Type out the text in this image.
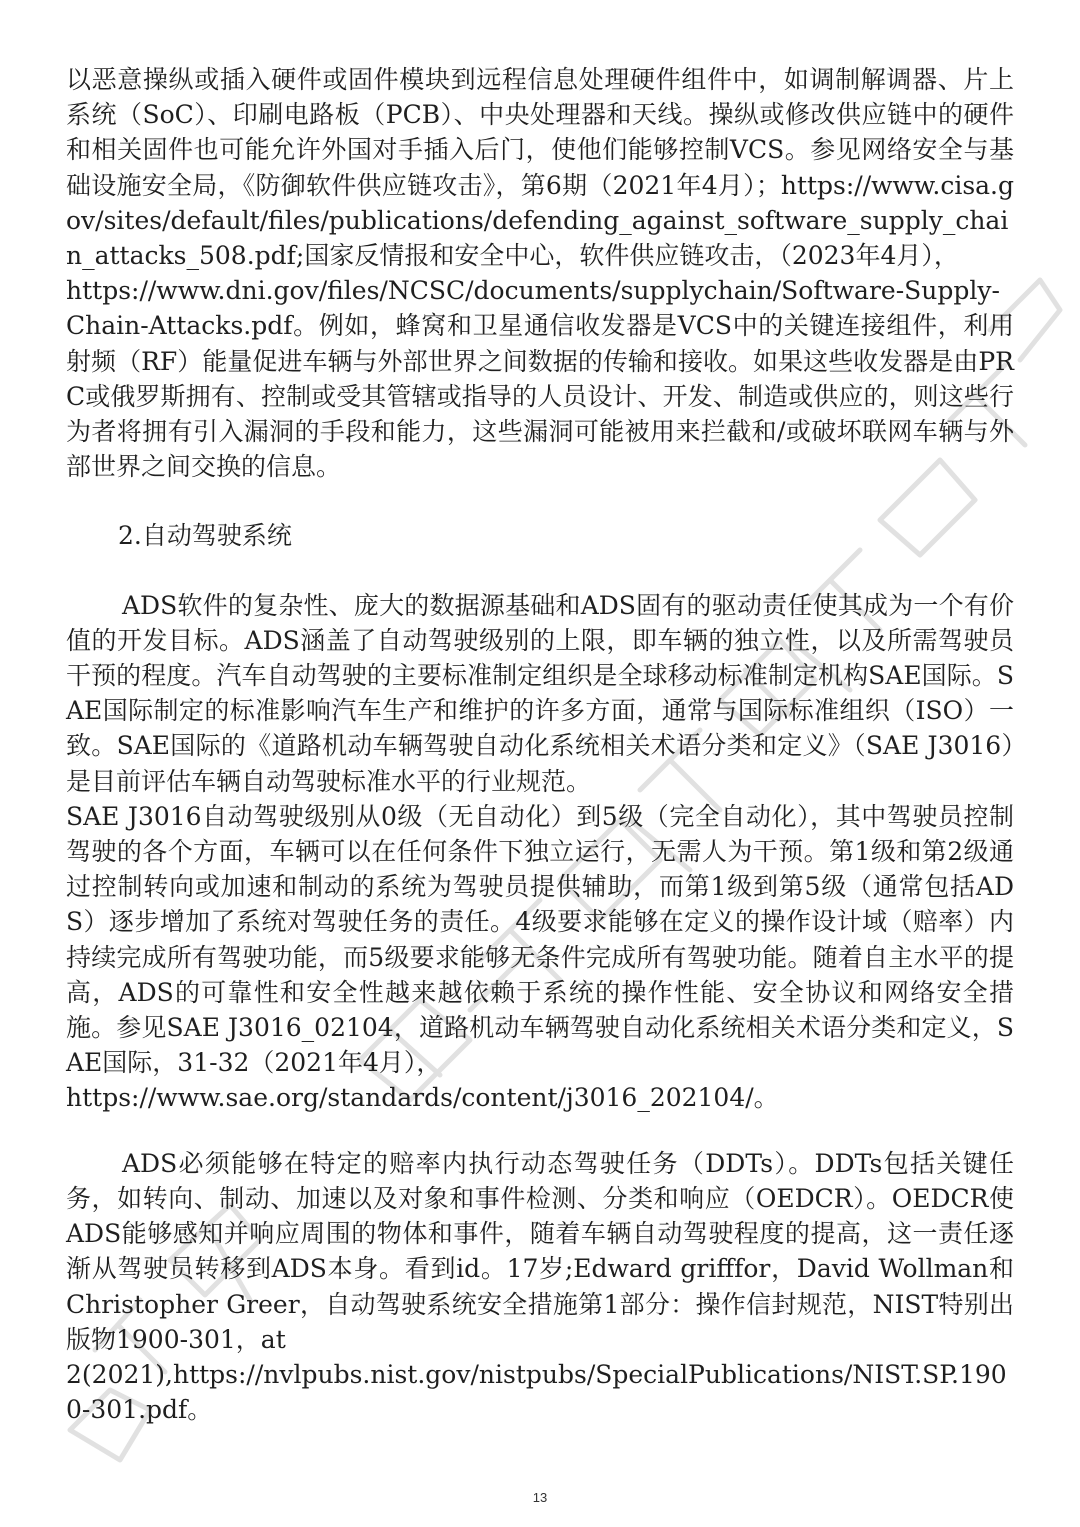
以恶意操纵或插入硬件或固件模块到远程信息处理硬件组件中，如调制解调器、片上系统（SoC）、印刷电路板（PCB）、中央处理器和天线。操纵或修改供应链中的硬件和相关固件也可能允许外国对手插入后门，使他们能够控制VCS。参见网络安全与基础设施安全局，《防御软件供应链攻击》，第6期（2021年4月）；https://www.cisa.gov/sites/default/files/publications/defending_against_software_supply_chain_attacks_508.pdf;国家反情报和安全中心，软件供应链攻击，（2023年4月），

https://www.dni.gov/files/NCSC/documents/supplychain/Software-Supply-Chain-Attacks.pdf。例如，蜂窝和卫星通信收发器是VCS中的关键连接组件，利用射频（RF）能量促进车辆与外部世界之间数据的传输和接收。如果这些收发器是由PRC或俄罗斯拥有、控制或受其管辖或指导的人员设计、开发、制造或供应的，则这些行为者将拥有引入漏洞的手段和能力，这些漏洞可能被用来拦截和/或破坏联网车辆与外部世界之间交换的信息。

2.自动驾驶系统

ADS软件的复杂性、庞大的数据源基础和ADS固有的驱动责任使其成为一个有价值的开发目标。ADS涵盖了自动驾驶级别的上限，即车辆的独立性，以及所需驾驶员干预的程度。汽车自动驾驶的主要标准制定组织是全球移动标准制定机构SAE国际。SAE国际制定的标准影响汽车生产和维护的许多方面，通常与国际标准组织（ISO）一致。SAE国际的《道路机动车辆驾驶自动化系统相关术语分类和定义》（SAE J3016）是目前评估车辆自动驾驶标准水平的行业规范。

SAE J3016自动驾驶级别从0级（无自动化）到5级（完全自动化），其中驾驶员控制驾驶的各个方面，车辆可以在任何条件下独立运行，无需人为干预。第1级和第2级通过控制转向或加速和制动的系统为驾驶员提供辅助，而第1级到第5级（通常包括ADS）逐步增加了系统对驾驶任务的责任。4级要求能够在定义的操作设计域（赔率）内持续完成所有驾驶功能，而5级要求能够无条件完成所有驾驶功能。随着自主水平的提高，ADS的可靠性和安全性越来越依赖于系统的操作性能、安全协议和网络安全措施。参见SAE J3016_02104，道路机动车辆驾驶自动化系统相关术语分类和定义，SAE国际，31-32（2021年4月），

https://www.sae.org/standards/content/j3016_202104/。

ADS必须能够在特定的赔率内执行动态驾驶任务（DDTs）。DDTs包括关键任务，如转向、制动、加速以及对象和事件检测、分类和响应（OEDCR）。OEDCR使ADS能够感知并响应周围的物体和事件，随着车辆自动驾驶程度的提高，这一责任逐渐从驾驶员转移到ADS本身。看到id。17岁;Edward grifffor，David Wollman和Christopher Greer，自动驾驶系统安全措施第1部分：操作信封规范，NIST特别出版物1900-301，at

2(2021),https://nvlpubs.nist.gov/nistpubs/SpecialPublications/NIST.SP.1900-301.pdf。

13
